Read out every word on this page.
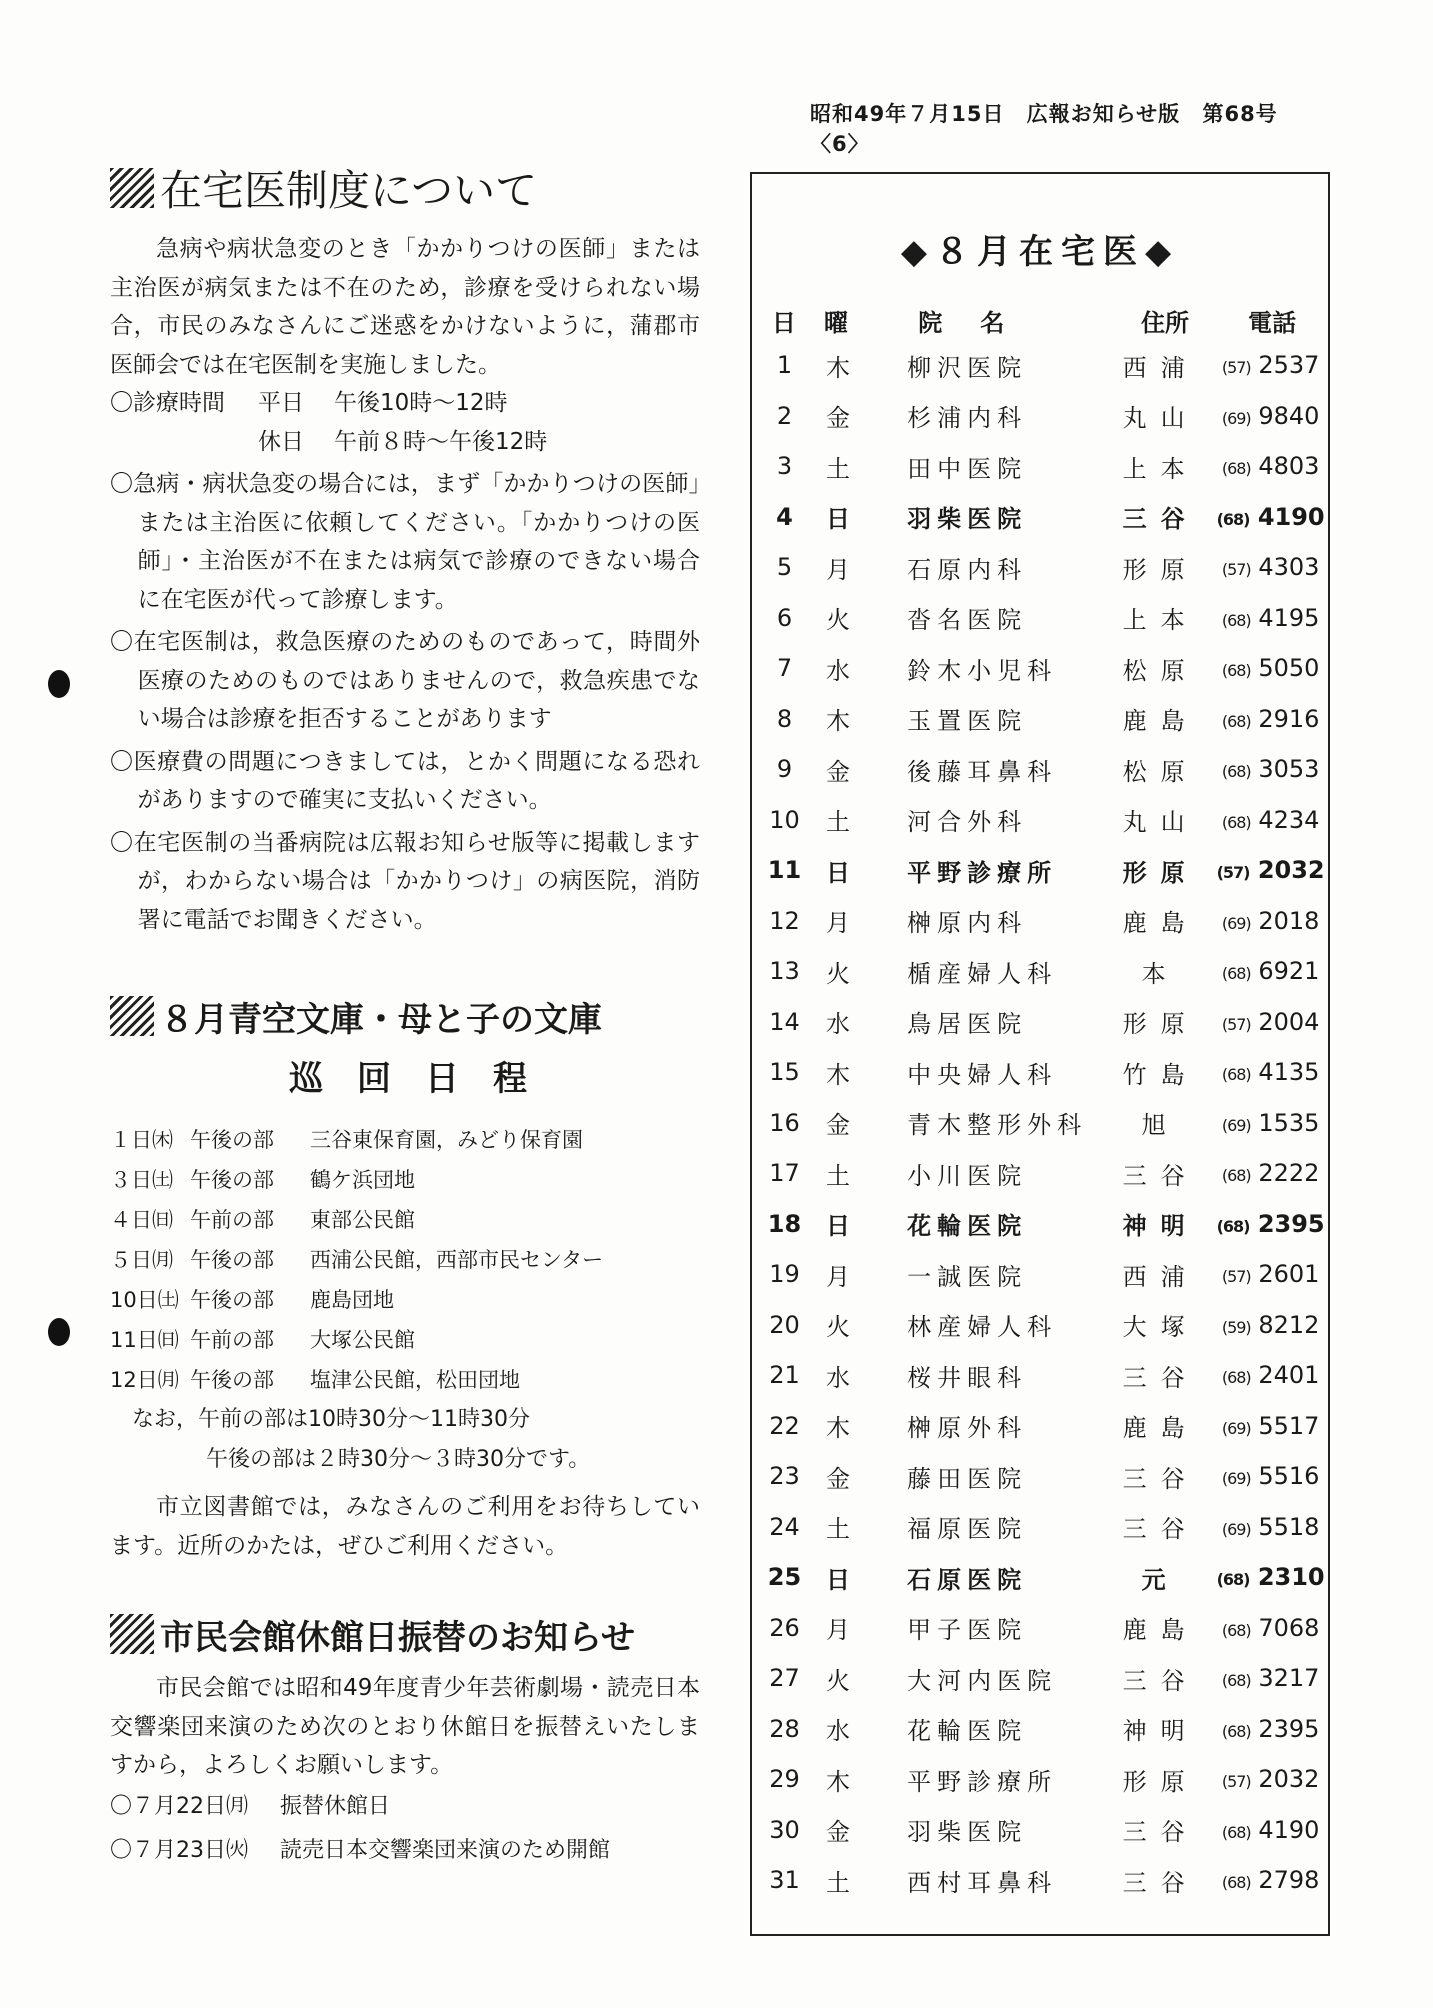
昭和49年７月15日 広報お知らせ版 第68号 〈6〉
在宅医制度について

急病や病状急変のとき「かかりつけの医師」または主治医が病気または不在のため，診療を受けられない場合，市民のみなさんにご迷惑をかけないように，蒲郡市医師会では在宅医制を実施しました。

〇診療時間	平日	午後10時～12時
休日	午前８時～午後12時

〇急病・病状急変の場合には，まず「かかりつけの医師」または主治医に依頼してください。「かかりつけの医師」・主治医が不在または病気で診療のできない場合に在宅医が代って診療します。

〇在宅医制は，救急医療のためのものであって，時間外医療のためのものではありませんので，救急疾患でない場合は診療を拒否することがあります

〇医療費の問題につきましては，とかく問題になる恐れがありますので確実に支払いください。

〇在宅医制の当番病院は広報お知らせ版等に掲載しますが，わからない場合は「かかりつけ」の病医院，消防署に電話でお聞きください。

８月青空文庫・母と子の文庫
巡回日程
１日㈭ 午後の部	三谷東保育園，みどり保育園
３日㈯ 午後の部	鶴ケ浜団地
４日㈰ 午前の部	東部公民館
５日㈪ 午後の部	西浦公民館，西部市民センター
10日㈯ 午後の部	鹿島団地
11日㈰ 午前の部	大塚公民館
12日㈪ 午後の部	塩津公民館，松田団地
なお，午前の部は10時30分～11時30分
午後の部は２時30分～３時30分です。

市立図書館では，みなさんのご利用をお待ちしています。近所のかたは，ぜひご利用ください。

市民会館休館日振替のお知らせ

市民会館では昭和49年度青少年芸術劇場・読売日本交響楽団来演のため次のとおり休館日を振替えいたしますから，よろしくお願いします。

〇７月22日㈪	振替休館日
〇７月23日㈫	読売日本交響楽団来演のため開館
◆８月在宅医◆
日	曜	院名	住所	電話
1	木	柳沢医院	西浦	(57) 2537
2	金	杉浦内科	丸山	(69) 9840
3	土	田中医院	上本	(68) 4803
4	日	羽柴医院	三谷	(68) 4190
5	月	石原内科	形原	(57) 4303
6	火	沓名医院	上本	(68) 4195
7	水	鈴木小児科	松原	(68) 5050
8	木	玉置医院	鹿島	(68) 2916
9	金	後藤耳鼻科	松原	(68) 3053
10	土	河合外科	丸山	(68) 4234
11	日	平野診療所	形原	(57) 2032
12	月	榊原内科	鹿島	(69) 2018
13	火	楯産婦人科	本	(68) 6921
14	水	鳥居医院	形原	(57) 2004
15	木	中央婦人科	竹島	(68) 4135
16	金	青木整形外科	旭	(69) 1535
17	土	小川医院	三谷	(68) 2222
18	日	花輪医院	神明	(68) 2395
19	月	一誠医院	西浦	(57) 2601
20	火	林産婦人科	大塚	(59) 8212
21	水	桜井眼科	三谷	(68) 2401
22	木	榊原外科	鹿島	(69) 5517
23	金	藤田医院	三谷	(69) 5516
24	土	福原医院	三谷	(69) 5518
25	日	石原医院	元	(68) 2310
26	月	甲子医院	鹿島	(68) 7068
27	火	大河内医院	三谷	(68) 3217
28	水	花輪医院	神明	(68) 2395
29	木	平野診療所	形原	(57) 2032
30	金	羽柴医院	三谷	(68) 4190
31	土	西村耳鼻科	三谷	(68) 2798
